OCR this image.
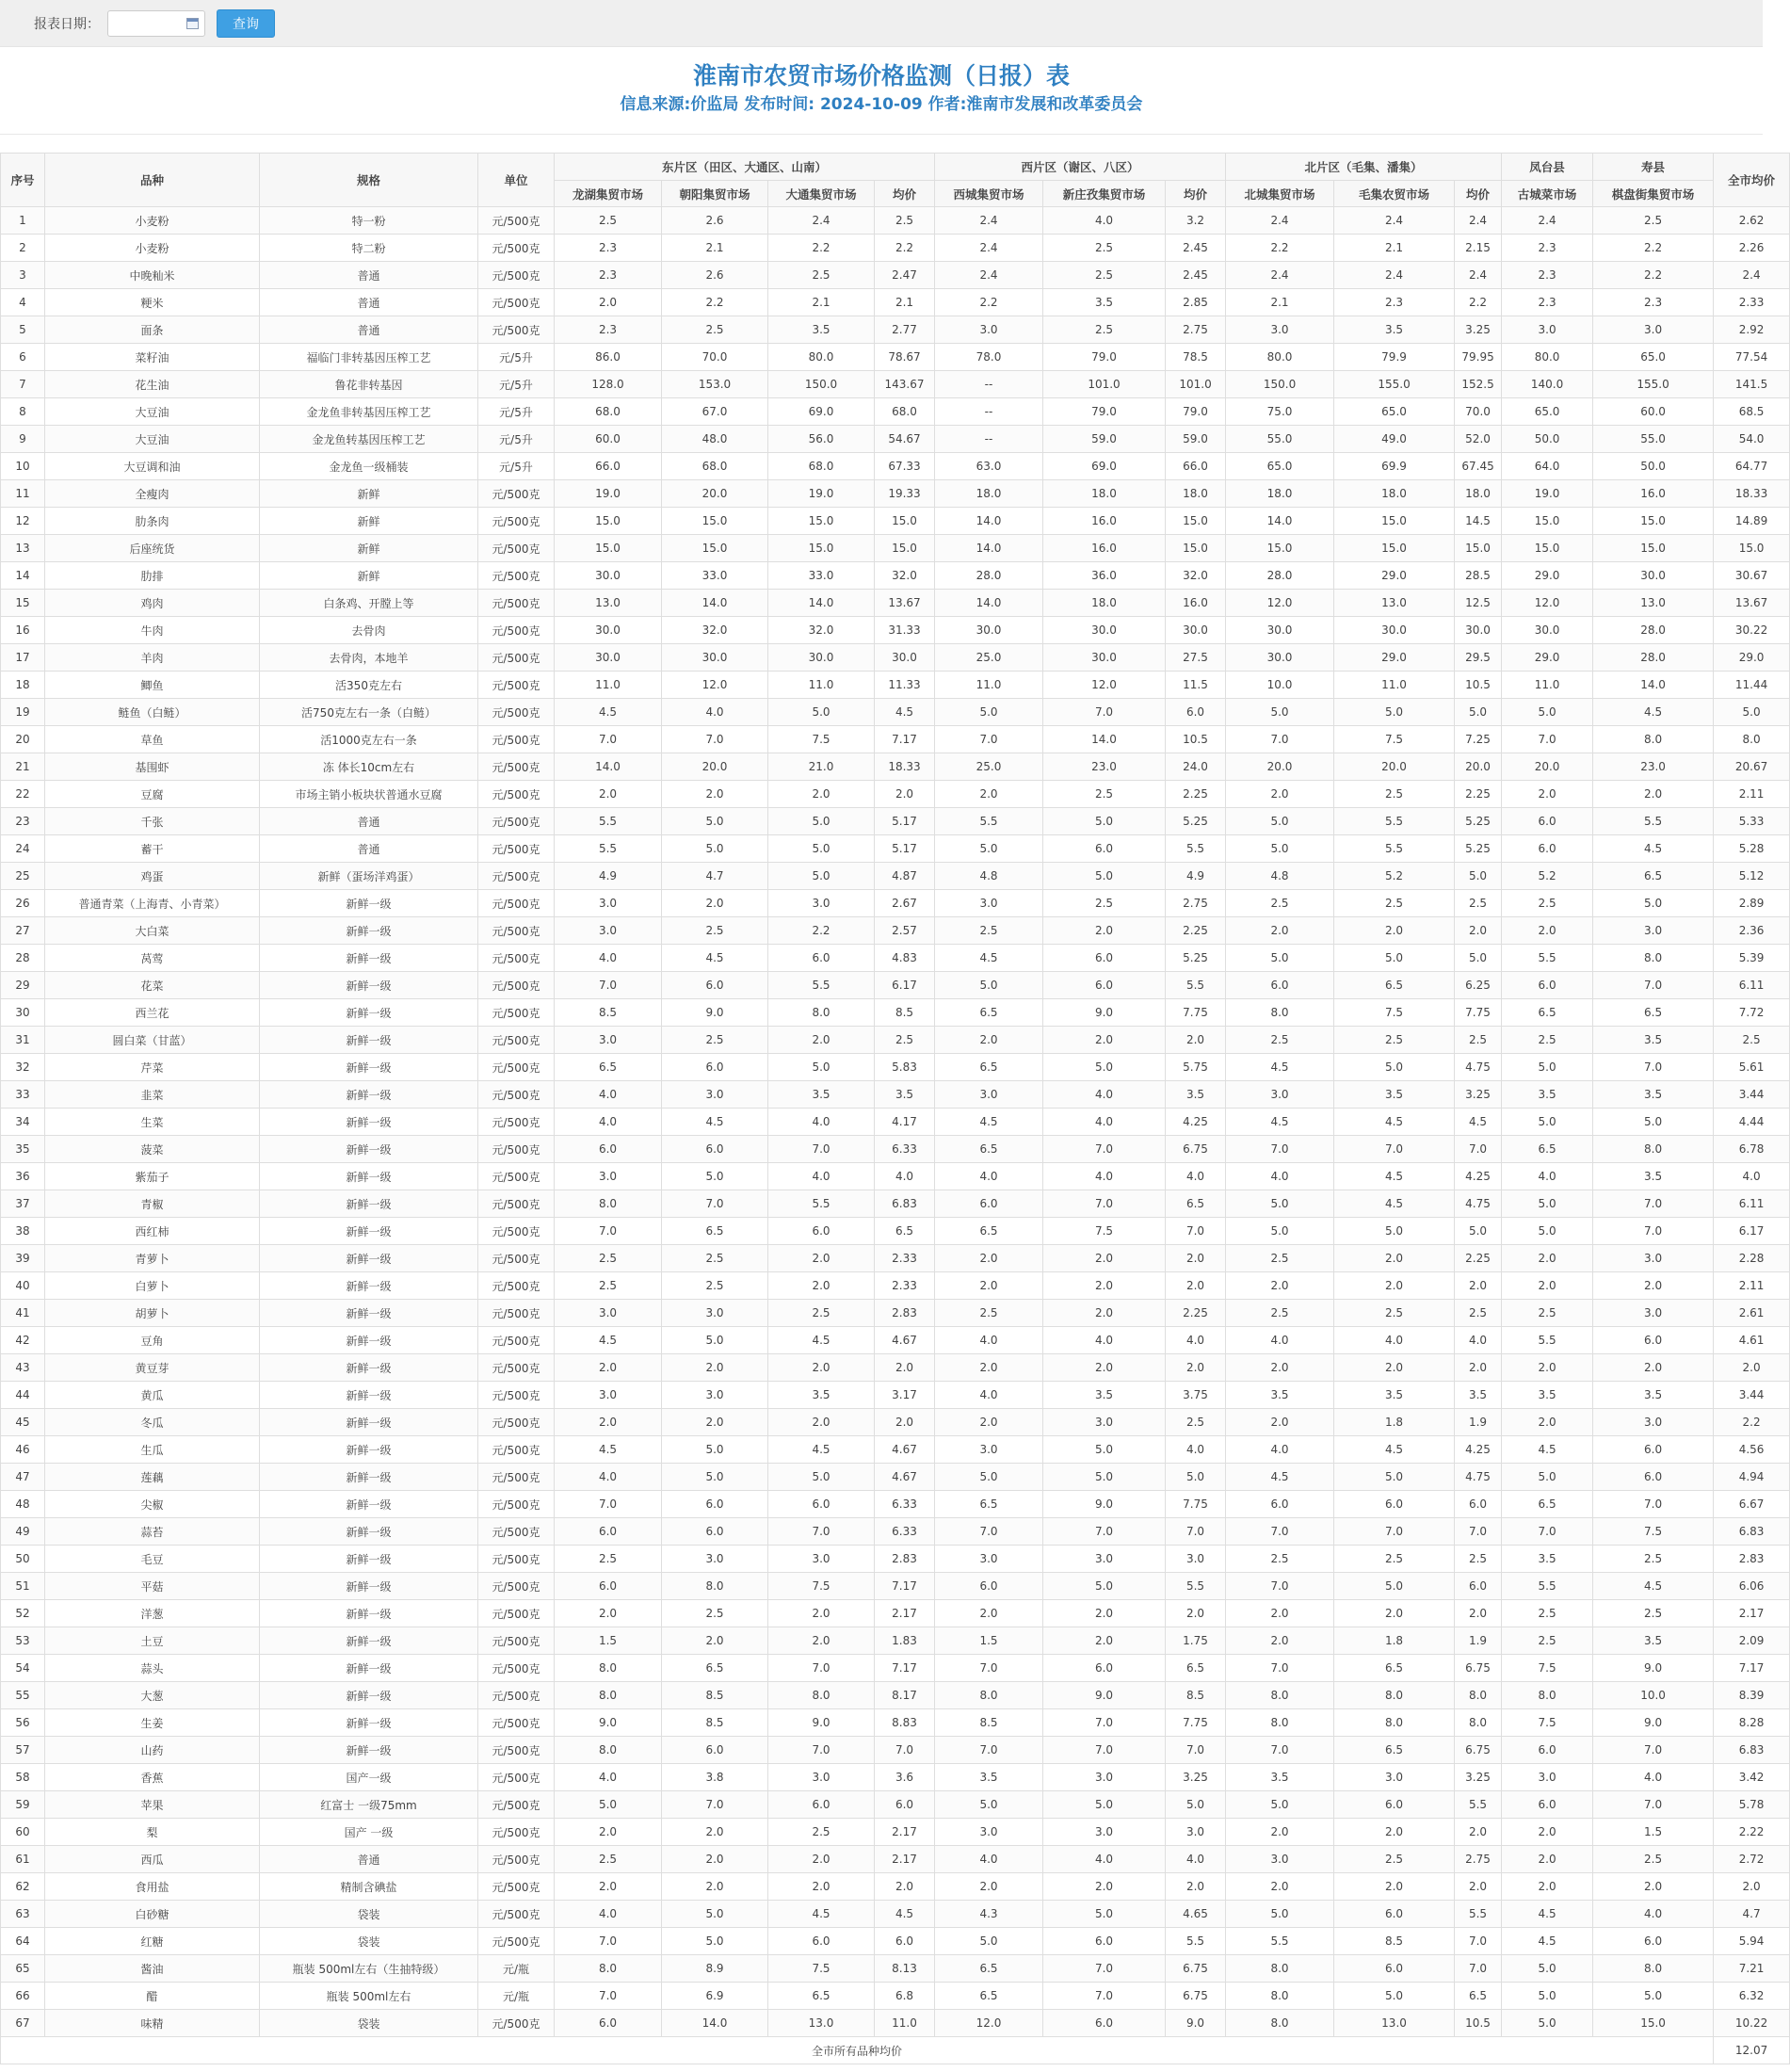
报表日期：	查询
淮南市农贸市场价格监测（日报）表
信息来源:价监局 发布时间: 2024-10-09 作者:淮南市发展和改革委员会
序号	品种	规格	单位	东片区（田区、大通区、山南）				西片区（谢区、八区）			北片区（毛集、潘集）			凤台县	寿县	全市均价
				龙湖集贸市场	朝阳集贸市场	大通集贸市场	均价	西城集贸市场	新庄孜集贸市场	均价	北城集贸市场	毛集农贸市场	均价	古城菜市场	棋盘街集贸市场	
1	小麦粉	特一粉	元/500克	2.5	2.6	2.4	2.5	2.4	4.0	3.2	2.4	2.4	2.4	2.4	2.5	2.62
2	小麦粉	特二粉	元/500克	2.3	2.1	2.2	2.2	2.4	2.5	2.45	2.2	2.1	2.15	2.3	2.2	2.26
3	中晚籼米	普通	元/500克	2.3	2.6	2.5	2.47	2.4	2.5	2.45	2.4	2.4	2.4	2.3	2.2	2.4
4	粳米	普通	元/500克	2.0	2.2	2.1	2.1	2.2	3.5	2.85	2.1	2.3	2.2	2.3	2.3	2.33
5	面条	普通	元/500克	2.3	2.5	3.5	2.77	3.0	2.5	2.75	3.0	3.5	3.25	3.0	3.0	2.92
6	菜籽油	福临门非转基因压榨工艺	元/5升	86.0	70.0	80.0	78.67	78.0	79.0	78.5	80.0	79.9	79.95	80.0	65.0	77.54
7	花生油	鲁花非转基因	元/5升	128.0	153.0	150.0	143.67	--	101.0	101.0	150.0	155.0	152.5	140.0	155.0	141.5
8	大豆油	金龙鱼非转基因压榨工艺	元/5升	68.0	67.0	69.0	68.0	--	79.0	79.0	75.0	65.0	70.0	65.0	60.0	68.5
9	大豆油	金龙鱼转基因压榨工艺	元/5升	60.0	48.0	56.0	54.67	--	59.0	59.0	55.0	49.0	52.0	50.0	55.0	54.0
10	大豆调和油	金龙鱼一级桶装	元/5升	66.0	68.0	68.0	67.33	63.0	69.0	66.0	65.0	69.9	67.45	64.0	50.0	64.77
11	全瘦肉	新鲜	元/500克	19.0	20.0	19.0	19.33	18.0	18.0	18.0	18.0	18.0	18.0	19.0	16.0	18.33
12	肋条肉	新鲜	元/500克	15.0	15.0	15.0	15.0	14.0	16.0	15.0	14.0	15.0	14.5	15.0	15.0	14.89
13	后座统货	新鲜	元/500克	15.0	15.0	15.0	15.0	14.0	16.0	15.0	15.0	15.0	15.0	15.0	15.0	15.0
14	肋排	新鲜	元/500克	30.0	33.0	33.0	32.0	28.0	36.0	32.0	28.0	29.0	28.5	29.0	30.0	30.67
15	鸡肉	白条鸡、开膛上等	元/500克	13.0	14.0	14.0	13.67	14.0	18.0	16.0	12.0	13.0	12.5	12.0	13.0	13.67
16	牛肉	去骨肉	元/500克	30.0	32.0	32.0	31.33	30.0	30.0	30.0	30.0	30.0	30.0	30.0	28.0	30.22
17	羊肉	去骨肉，本地羊	元/500克	30.0	30.0	30.0	30.0	25.0	30.0	27.5	30.0	29.0	29.5	29.0	28.0	29.0
18	鲫鱼	活350克左右	元/500克	11.0	12.0	11.0	11.33	11.0	12.0	11.5	10.0	11.0	10.5	11.0	14.0	11.44
19	鲢鱼（白鲢）	活750克左右一条（白鲢）	元/500克	4.5	4.0	5.0	4.5	5.0	7.0	6.0	5.0	5.0	5.0	5.0	4.5	5.0
20	草鱼	活1000克左右一条	元/500克	7.0	7.0	7.5	7.17	7.0	14.0	10.5	7.0	7.5	7.25	7.0	8.0	8.0
21	基围虾	冻 体长10cm左右	元/500克	14.0	20.0	21.0	18.33	25.0	23.0	24.0	20.0	20.0	20.0	20.0	23.0	20.67
22	豆腐	市场主销小板块状普通水豆腐	元/500克	2.0	2.0	2.0	2.0	2.0	2.5	2.25	2.0	2.5	2.25	2.0	2.0	2.11
23	千张	普通	元/500克	5.5	5.0	5.0	5.17	5.5	5.0	5.25	5.0	5.5	5.25	6.0	5.5	5.33
24	蓄干	普通	元/500克	5.5	5.0	5.0	5.17	5.0	6.0	5.5	5.0	5.5	5.25	6.0	4.5	5.28
25	鸡蛋	新鲜（蛋场洋鸡蛋）	元/500克	4.9	4.7	5.0	4.87	4.8	5.0	4.9	4.8	5.2	5.0	5.2	6.5	5.12
26	普通青菜（上海青、小青菜）	新鲜一级	元/500克	3.0	2.0	3.0	2.67	3.0	2.5	2.75	2.5	2.5	2.5	2.5	5.0	2.89
27	大白菜	新鲜一级	元/500克	3.0	2.5	2.2	2.57	2.5	2.0	2.25	2.0	2.0	2.0	2.0	3.0	2.36
28	莴莺	新鲜一级	元/500克	4.0	4.5	6.0	4.83	4.5	6.0	5.25	5.0	5.0	5.0	5.5	8.0	5.39
29	花菜	新鲜一级	元/500克	7.0	6.0	5.5	6.17	5.0	6.0	5.5	6.0	6.5	6.25	6.0	7.0	6.11
30	西兰花	新鲜一级	元/500克	8.5	9.0	8.0	8.5	6.5	9.0	7.75	8.0	7.5	7.75	6.5	6.5	7.72
31	圆白菜（甘蓝）	新鲜一级	元/500克	3.0	2.5	2.0	2.5	2.0	2.0	2.0	2.5	2.5	2.5	2.5	3.5	2.5
32	芹菜	新鲜一级	元/500克	6.5	6.0	5.0	5.83	6.5	5.0	5.75	4.5	5.0	4.75	5.0	7.0	5.61
33	韭菜	新鲜一级	元/500克	4.0	3.0	3.5	3.5	3.0	4.0	3.5	3.0	3.5	3.25	3.5	3.5	3.44
34	生菜	新鲜一级	元/500克	4.0	4.5	4.0	4.17	4.5	4.0	4.25	4.5	4.5	4.5	5.0	5.0	4.44
35	菠菜	新鲜一级	元/500克	6.0	6.0	7.0	6.33	6.5	7.0	6.75	7.0	7.0	7.0	6.5	8.0	6.78
36	紫茄子	新鲜一级	元/500克	3.0	5.0	4.0	4.0	4.0	4.0	4.0	4.0	4.5	4.25	4.0	3.5	4.0
37	青椒	新鲜一级	元/500克	8.0	7.0	5.5	6.83	6.0	7.0	6.5	5.0	4.5	4.75	5.0	7.0	6.11
38	西红柿	新鲜一级	元/500克	7.0	6.5	6.0	6.5	6.5	7.5	7.0	5.0	5.0	5.0	5.0	7.0	6.17
39	青萝卜	新鲜一级	元/500克	2.5	2.5	2.0	2.33	2.0	2.0	2.0	2.5	2.0	2.25	2.0	3.0	2.28
40	白萝卜	新鲜一级	元/500克	2.5	2.5	2.0	2.33	2.0	2.0	2.0	2.0	2.0	2.0	2.0	2.0	2.11
41	胡萝卜	新鲜一级	元/500克	3.0	3.0	2.5	2.83	2.5	2.0	2.25	2.5	2.5	2.5	2.5	3.0	2.61
42	豆角	新鲜一级	元/500克	4.5	5.0	4.5	4.67	4.0	4.0	4.0	4.0	4.0	4.0	5.5	6.0	4.61
43	黄豆芽	新鲜一级	元/500克	2.0	2.0	2.0	2.0	2.0	2.0	2.0	2.0	2.0	2.0	2.0	2.0	2.0
44	黄瓜	新鲜一级	元/500克	3.0	3.0	3.5	3.17	4.0	3.5	3.75	3.5	3.5	3.5	3.5	3.5	3.44
45	冬瓜	新鲜一级	元/500克	2.0	2.0	2.0	2.0	2.0	3.0	2.5	2.0	1.8	1.9	2.0	3.0	2.2
46	生瓜	新鲜一级	元/500克	4.5	5.0	4.5	4.67	3.0	5.0	4.0	4.0	4.5	4.25	4.5	6.0	4.56
47	莲藕	新鲜一级	元/500克	4.0	5.0	5.0	4.67	5.0	5.0	5.0	4.5	5.0	4.75	5.0	6.0	4.94
48	尖椒	新鲜一级	元/500克	7.0	6.0	6.0	6.33	6.5	9.0	7.75	6.0	6.0	6.0	6.5	7.0	6.67
49	蒜苔	新鲜一级	元/500克	6.0	6.0	7.0	6.33	7.0	7.0	7.0	7.0	7.0	7.0	7.0	7.5	6.83
50	毛豆	新鲜一级	元/500克	2.5	3.0	3.0	2.83	3.0	3.0	3.0	2.5	2.5	2.5	3.5	2.5	2.83
51	平菇	新鲜一级	元/500克	6.0	8.0	7.5	7.17	6.0	5.0	5.5	7.0	5.0	6.0	5.5	4.5	6.06
52	洋葱	新鲜一级	元/500克	2.0	2.5	2.0	2.17	2.0	2.0	2.0	2.0	2.0	2.0	2.5	2.5	2.17
53	土豆	新鲜一级	元/500克	1.5	2.0	2.0	1.83	1.5	2.0	1.75	2.0	1.8	1.9	2.5	3.5	2.09
54	蒜头	新鲜一级	元/500克	8.0	6.5	7.0	7.17	7.0	6.0	6.5	7.0	6.5	6.75	7.5	9.0	7.17
55	大葱	新鲜一级	元/500克	8.0	8.5	8.0	8.17	8.0	9.0	8.5	8.0	8.0	8.0	8.0	10.0	8.39
56	生姜	新鲜一级	元/500克	9.0	8.5	9.0	8.83	8.5	7.0	7.75	8.0	8.0	8.0	7.5	9.0	8.28
57	山药	新鲜一级	元/500克	8.0	6.0	7.0	7.0	7.0	7.0	7.0	7.0	6.5	6.75	6.0	7.0	6.83
58	香蕉	国产一级	元/500克	4.0	3.8	3.0	3.6	3.5	3.0	3.25	3.5	3.0	3.25	3.0	4.0	3.42
59	苹果	红富士 一级75mm	元/500克	5.0	7.0	6.0	6.0	5.0	5.0	5.0	5.0	6.0	5.5	6.0	7.0	5.78
60	梨	国产 一级	元/500克	2.0	2.0	2.5	2.17	3.0	3.0	3.0	2.0	2.0	2.0	2.0	1.5	2.22
61	西瓜	普通	元/500克	2.5	2.0	2.0	2.17	4.0	4.0	4.0	3.0	2.5	2.75	2.0	2.5	2.72
62	食用盐	精制含碘盐	元/500克	2.0	2.0	2.0	2.0	2.0	2.0	2.0	2.0	2.0	2.0	2.0	2.0	2.0
63	白砂糖	袋装	元/500克	4.0	5.0	4.5	4.5	4.3	5.0	4.65	5.0	6.0	5.5	4.5	4.0	4.7
64	红糖	袋装	元/500克	7.0	5.0	6.0	6.0	5.0	6.0	5.5	5.5	8.5	7.0	4.5	6.0	5.94
65	酱油	瓶装 500ml左右（生抽特级）	元/瓶	8.0	8.9	7.5	8.13	6.5	7.0	6.75	8.0	6.0	7.0	5.0	8.0	7.21
66	醋	瓶装 500ml左右	元/瓶	7.0	6.9	6.5	6.8	6.5	7.0	6.75	8.0	5.0	6.5	5.0	5.0	6.32
67	味精	袋装	元/500克	6.0	14.0	13.0	11.0	12.0	6.0	9.0	8.0	13.0	10.5	5.0	15.0	10.22
全市所有品种均价																12.07
